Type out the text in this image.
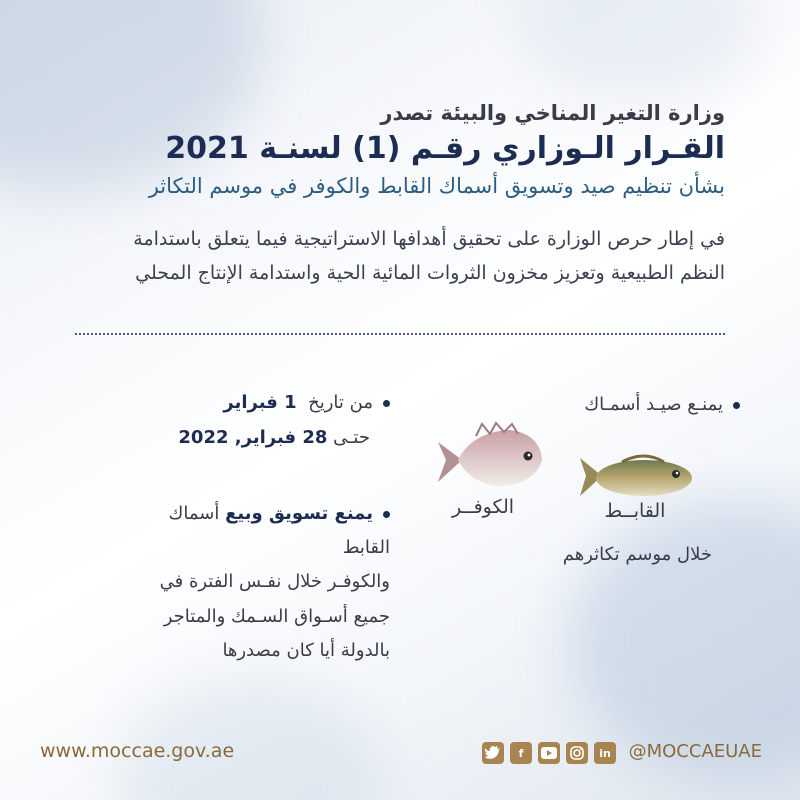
وزارة التغير المناخي والبيئة تصدر
القـرار الـوزاري رقـم (1) لسنـة 2021
بشأن تنظيم صيد وتسويق أسماك القابط والكوفر في موسم التكاثر
في إطار حرص الوزارة على تحقيق أهدافها الاستراتيجية فيما يتعلق باستدامة
النظم الطبيعية وتعزيز مخزون الثروات المائية الحية واستدامة الإنتاج المحلي
يمنـع صيـد أسمـاك
القابــط
الكوفــر
خلال موسم تكاثرهم
من تاريخ  1 فبراير
حتـى 28 فبراير, 2022
يمنع تسويق وبيع أسماك القابط
والكوفـر خلال نفـس الفترة في
جميع أسـواق السـمك والمتاجر
بالدولة أيا كان مصدرها
www.moccae.gov.ae	f	in @MOCCAEUAE
